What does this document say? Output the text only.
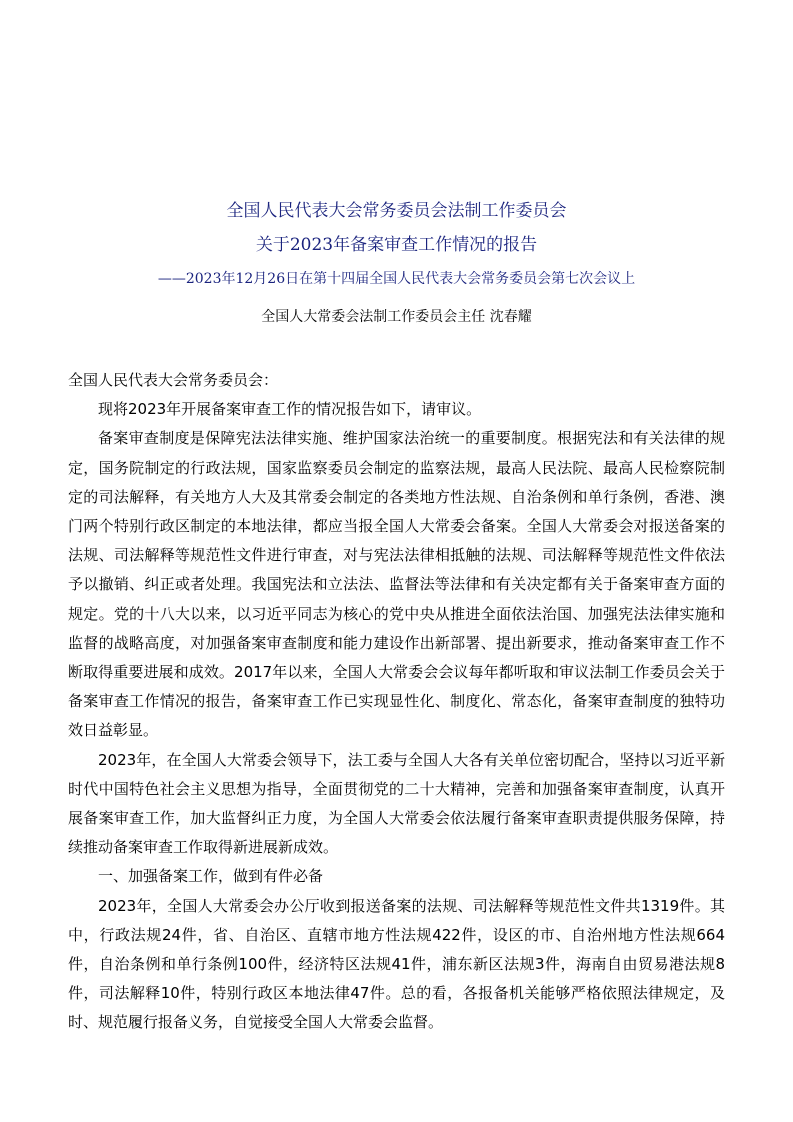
全国人民代表大会常务委员会法制工作委员会
关于2023年备案审查工作情况的报告
——2023年12月26日在第十四届全国人民代表大会常务委员会第七次会议上
全国人大常委会法制工作委员会主任 沈春耀

全国人民代表大会常务委员会：

现将2023年开展备案审查工作的情况报告如下，请审议。

备案审查制度是保障宪法法律实施、维护国家法治统一的重要制度。根据宪法和有关法律的规定，国务院制定的行政法规，国家监察委员会制定的监察法规，最高人民法院、最高人民检察院制定的司法解释，有关地方人大及其常委会制定的各类地方性法规、自治条例和单行条例，香港、澳门两个特别行政区制定的本地法律，都应当报全国人大常委会备案。全国人大常委会对报送备案的法规、司法解释等规范性文件进行审查，对与宪法法律相抵触的法规、司法解释等规范性文件依法予以撤销、纠正或者处理。我国宪法和立法法、监督法等法律和有关决定都有关于备案审查方面的规定。党的十八大以来，以习近平同志为核心的党中央从推进全面依法治国、加强宪法法律实施和监督的战略高度，对加强备案审查制度和能力建设作出新部署、提出新要求，推动备案审查工作不断取得重要进展和成效。2017年以来，全国人大常委会会议每年都听取和审议法制工作委员会关于备案审查工作情况的报告，备案审查工作已实现显性化、制度化、常态化，备案审查制度的独特功效日益彰显。

2023年，在全国人大常委会领导下，法工委与全国人大各有关单位密切配合，坚持以习近平新时代中国特色社会主义思想为指导，全面贯彻党的二十大精神，完善和加强备案审查制度，认真开展备案审查工作，加大监督纠正力度，为全国人大常委会依法履行备案审查职责提供服务保障，持续推动备案审查工作取得新进展新成效。

一、加强备案工作，做到有件必备

2023年，全国人大常委会办公厅收到报送备案的法规、司法解释等规范性文件共1319件。其中，行政法规24件，省、自治区、直辖市地方性法规422件，设区的市、自治州地方性法规664件，自治条例和单行条例100件，经济特区法规41件，浦东新区法规3件，海南自由贸易港法规8件，司法解释10件，特别行政区本地法律47件。总的看，各报备机关能够严格依照法律规定，及时、规范履行报备义务，自觉接受全国人大常委会监督。
